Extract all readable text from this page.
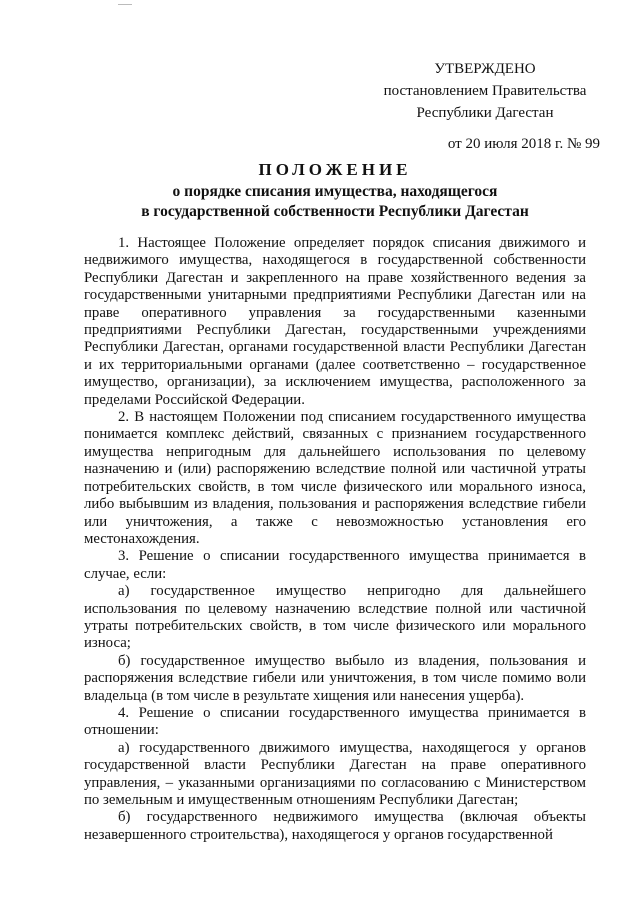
УТВЕРЖДЕНО
постановлением Правительства
Республики Дагестан
от 20 июля 2018 г. № 99
ПОЛОЖЕНИЕ
о порядке списания имущества, находящегося
в государственной собственности Республики Дагестан

1. Настоящее Положение определяет порядок списания движимого и недвижимого имущества, находящегося в государственной собственности Республики Дагестан и закрепленного на праве хозяйственного ведения за государственными унитарными предприятиями Республики Дагестан или на праве оперативного управления за государственными казенными предприятиями Республики Дагестан, государственными учреждениями Республики Дагестан, органами государственной власти Республики Дагестан и их территориальными органами (далее соответственно – государственное имущество, организации), за исключением имущества, расположенного за пределами Российской Федерации.

2. В настоящем Положении под списанием государственного имущества понимается комплекс действий, связанных с признанием государственного имущества непригодным для дальнейшего использования по целевому назначению и (или) распоряжению вследствие полной или частичной утраты потребительских свойств, в том числе физического или морального износа, либо выбывшим из владения, пользования и распоряжения вследствие гибели или уничтожения, а также с невозможностью установления его местонахождения.

3. Решение о списании государственного имущества принимается в случае, если:

а) государственное имущество непригодно для дальнейшего использования по целевому назначению вследствие полной или частичной утраты потребительских свойств, в том числе физического или морального износа;

б) государственное имущество выбыло из владения, пользования и распоряжения вследствие гибели или уничтожения, в том числе помимо воли владельца (в том числе в результате хищения или нанесения ущерба).

4. Решение о списании государственного имущества принимается в отношении:

а) государственного движимого имущества, находящегося у органов государственной власти Республики Дагестан на праве оперативного управления, – указанными организациями по согласованию с Министерством по земельным и имущественным отношениям Республики Дагестан;

б) государственного недвижимого имущества (включая объекты незавершенного строительства), находящегося у органов государственной
